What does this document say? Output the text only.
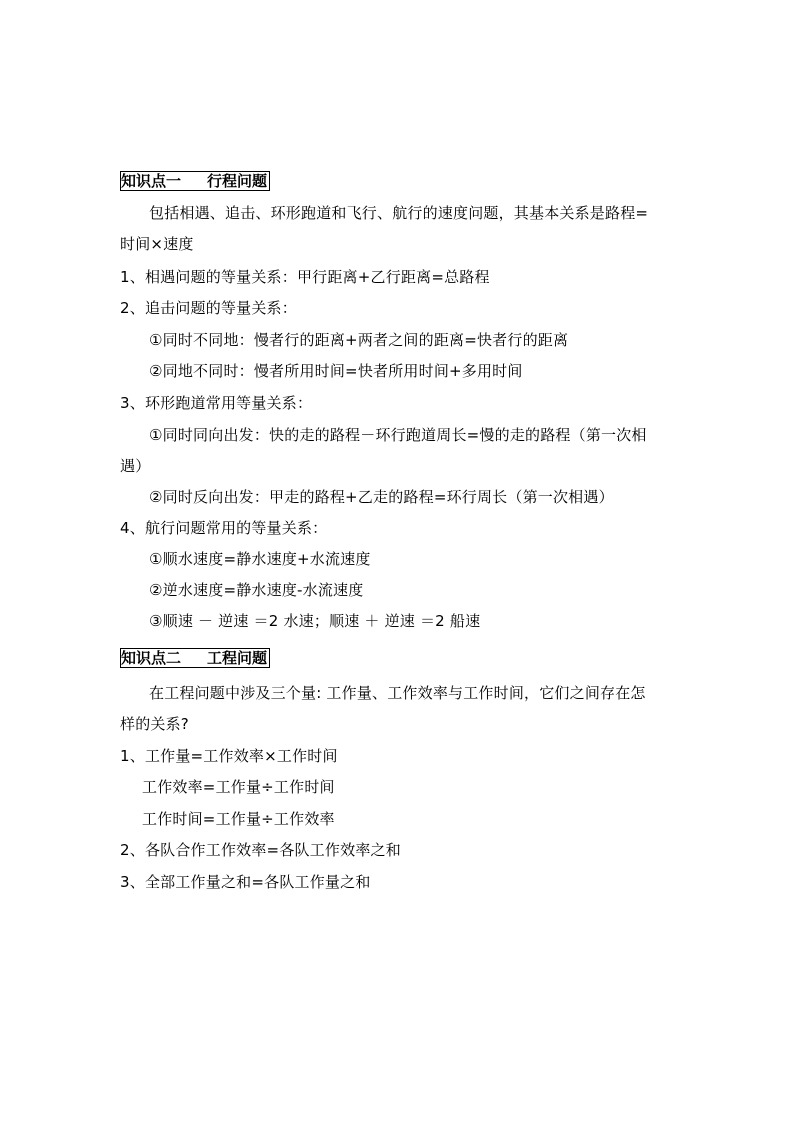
知识点一 行程问题
包括相遇、追击、环形跑道和飞行、航行的速度问题，其基本关系是路程=
时间×速度
1、相遇问题的等量关系：甲行距离+乙行距离=总路程
2、追击问题的等量关系：
①同时不同地：慢者行的距离+两者之间的距离=快者行的距离
②同地不同时：慢者所用时间=快者所用时间+多用时间
3、环形跑道常用等量关系：
①同时同向出发：快的走的路程－环行跑道周长=慢的走的路程（第一次相
遇）
②同时反向出发：甲走的路程+乙走的路程=环行周长（第一次相遇）
4、航行问题常用的等量关系：
①顺水速度=静水速度+水流速度
②逆水速度=静水速度-水流速度
③顺速 － 逆速 ＝2 水速；顺速 ＋ 逆速 ＝2 船速
知识点二 工程问题
在工程问题中涉及三个量: 工作量、工作效率与工作时间，它们之间存在怎
样的关系?
1、工作量=工作效率×工作时间
工作效率=工作量÷工作时间
工作时间=工作量÷工作效率
2、各队合作工作效率=各队工作效率之和
3、全部工作量之和=各队工作量之和
